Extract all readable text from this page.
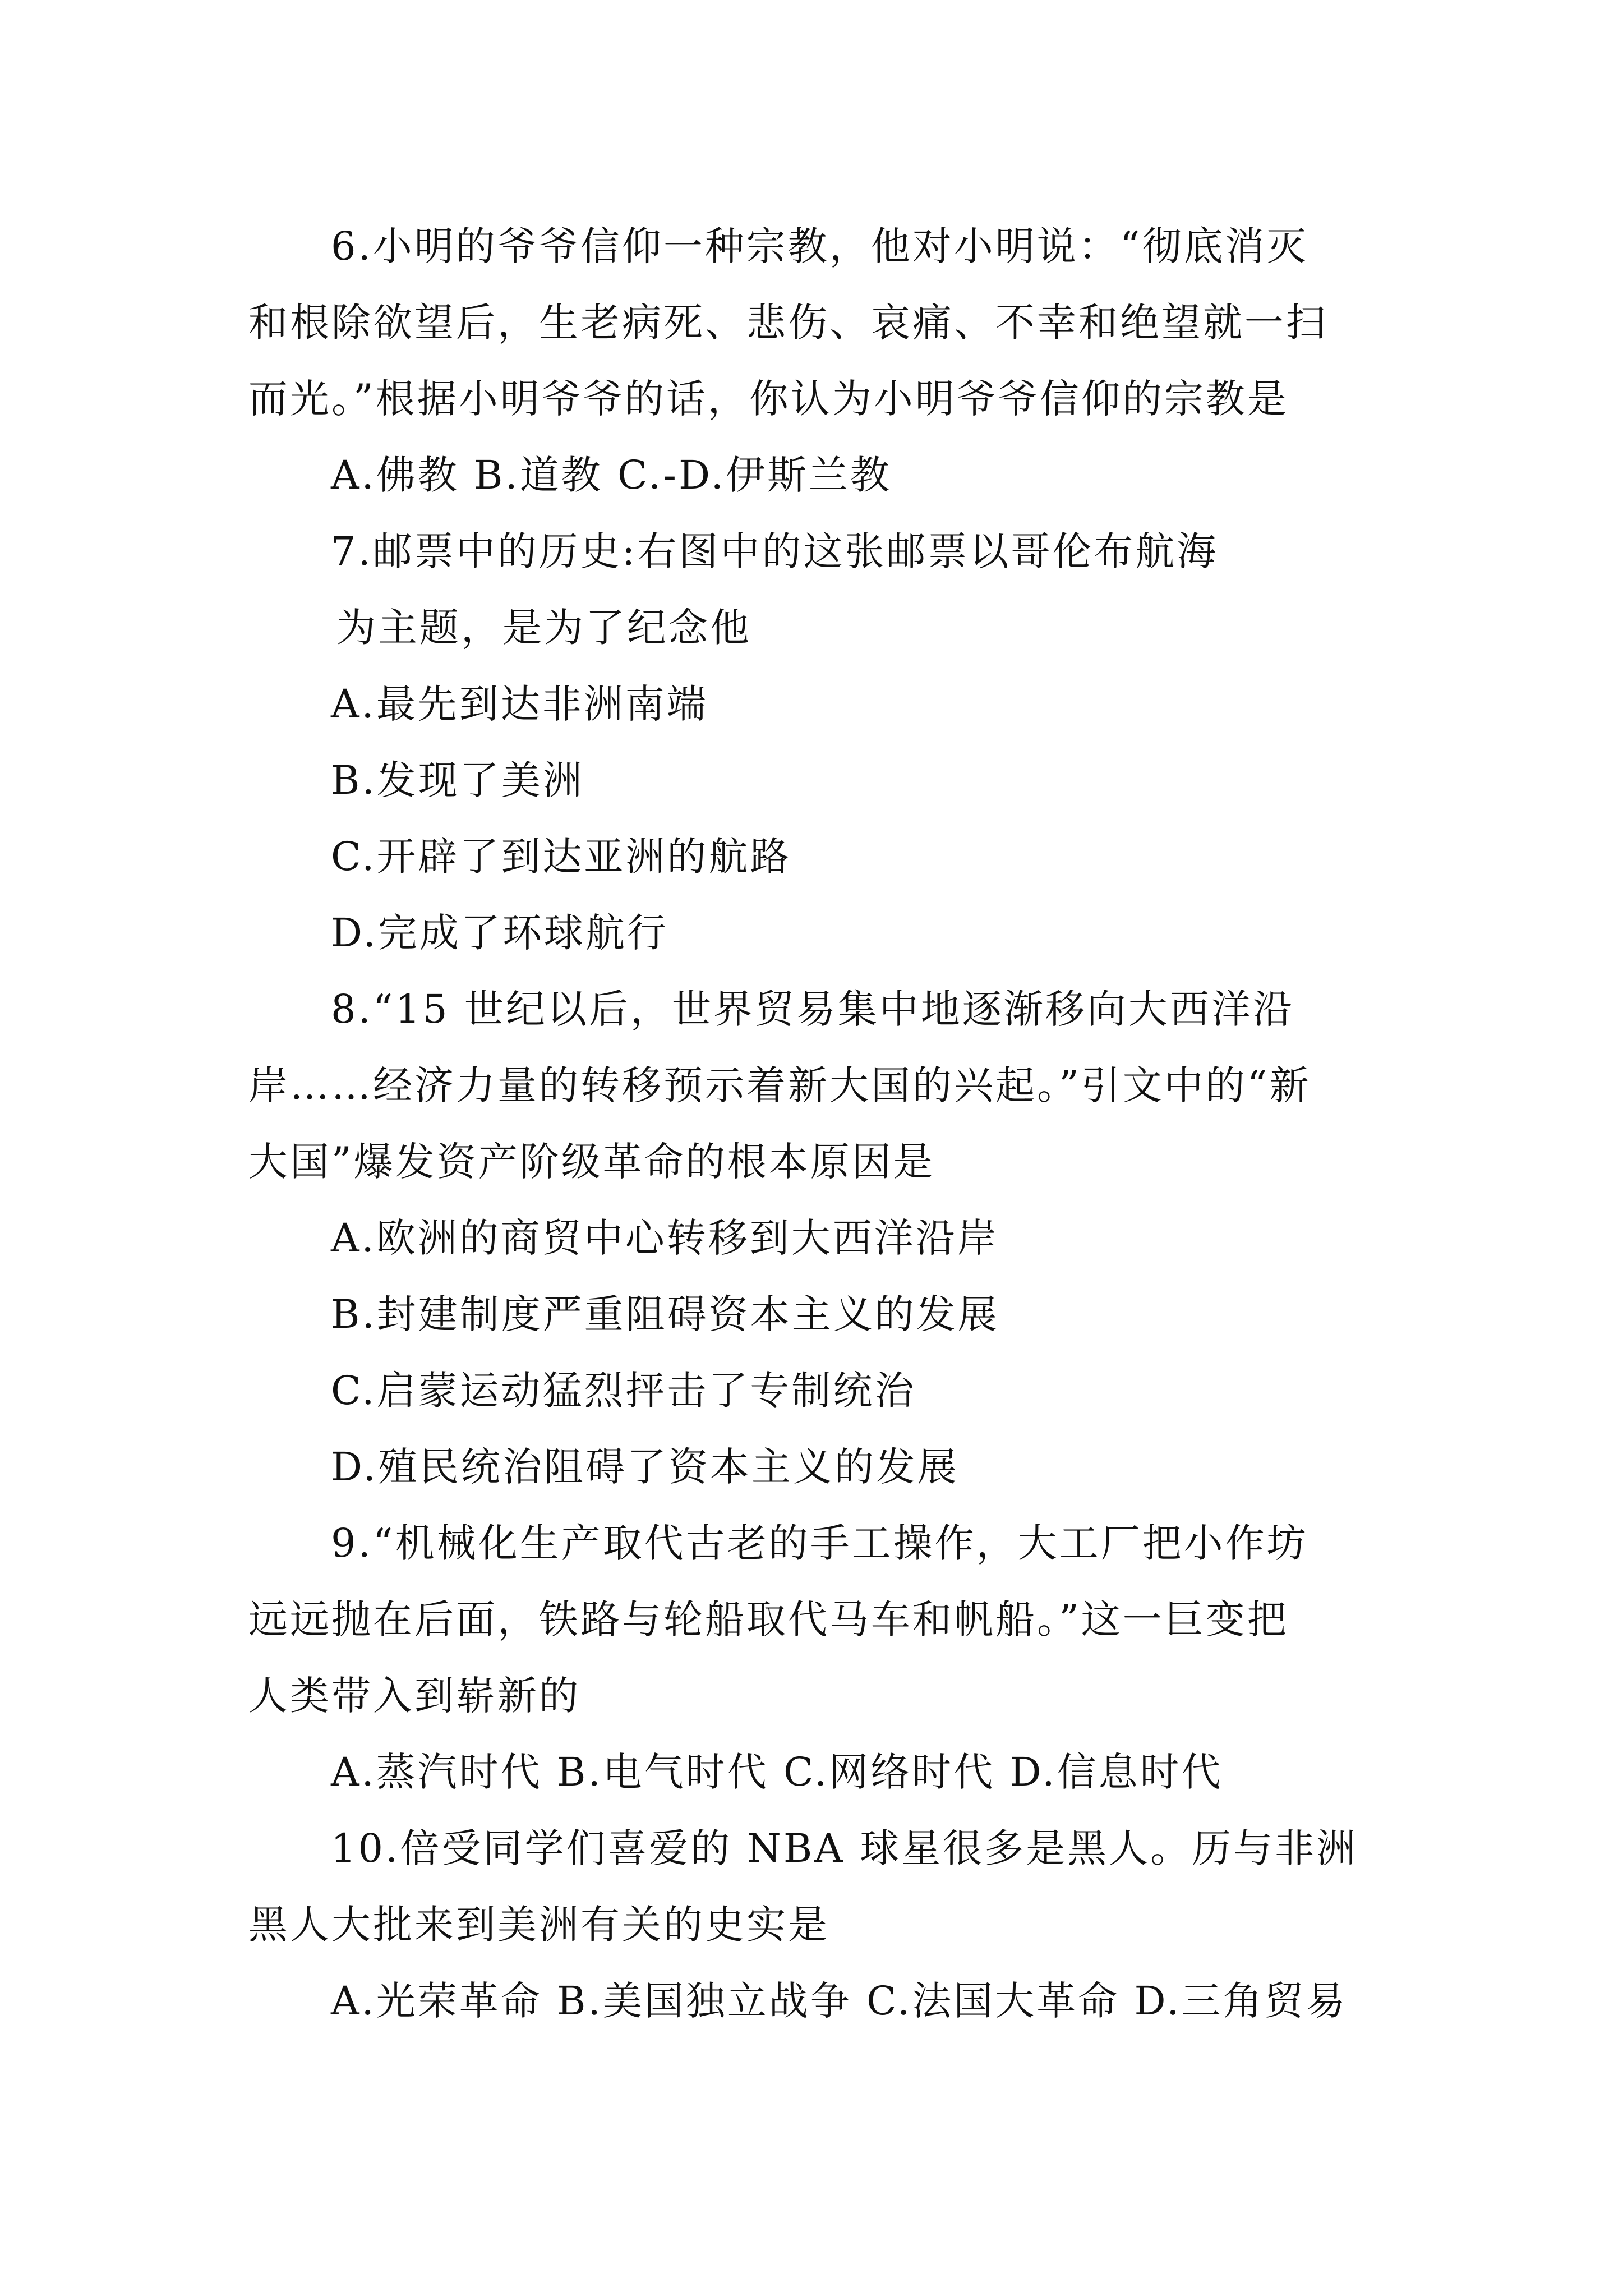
6.小明的爷爷信仰一种宗教，他对小明说：“彻底消灭
和根除欲望后，生老病死、悲伤、哀痛、不幸和绝望就一扫
而光。”根据小明爷爷的话，你认为小明爷爷信仰的宗教是
A.佛教 B.道教 C.-D.伊斯兰教
7.邮票中的历史:右图中的这张邮票以哥伦布航海
为主题，是为了纪念他
A.最先到达非洲南端
B.发现了美洲
C.开辟了到达亚洲的航路
D.完成了环球航行
8.“15 世纪以后，世界贸易集中地逐渐移向大西洋沿
岸……经济力量的转移预示着新大国的兴起。”引文中的“新
大国”爆发资产阶级革命的根本原因是
A.欧洲的商贸中心转移到大西洋沿岸
B.封建制度严重阻碍资本主义的发展
C.启蒙运动猛烈抨击了专制统治
D.殖民统治阻碍了资本主义的发展
9.“机械化生产取代古老的手工操作，大工厂把小作坊
远远抛在后面，铁路与轮船取代马车和帆船。”这一巨变把
人类带入到崭新的
A.蒸汽时代 B.电气时代 C.网络时代 D.信息时代
10.倍受同学们喜爱的 NBA 球星很多是黑人。历与非洲
黑人大批来到美洲有关的史实是
A.光荣革命 B.美国独立战争 C.法国大革命 D.三角贸易
